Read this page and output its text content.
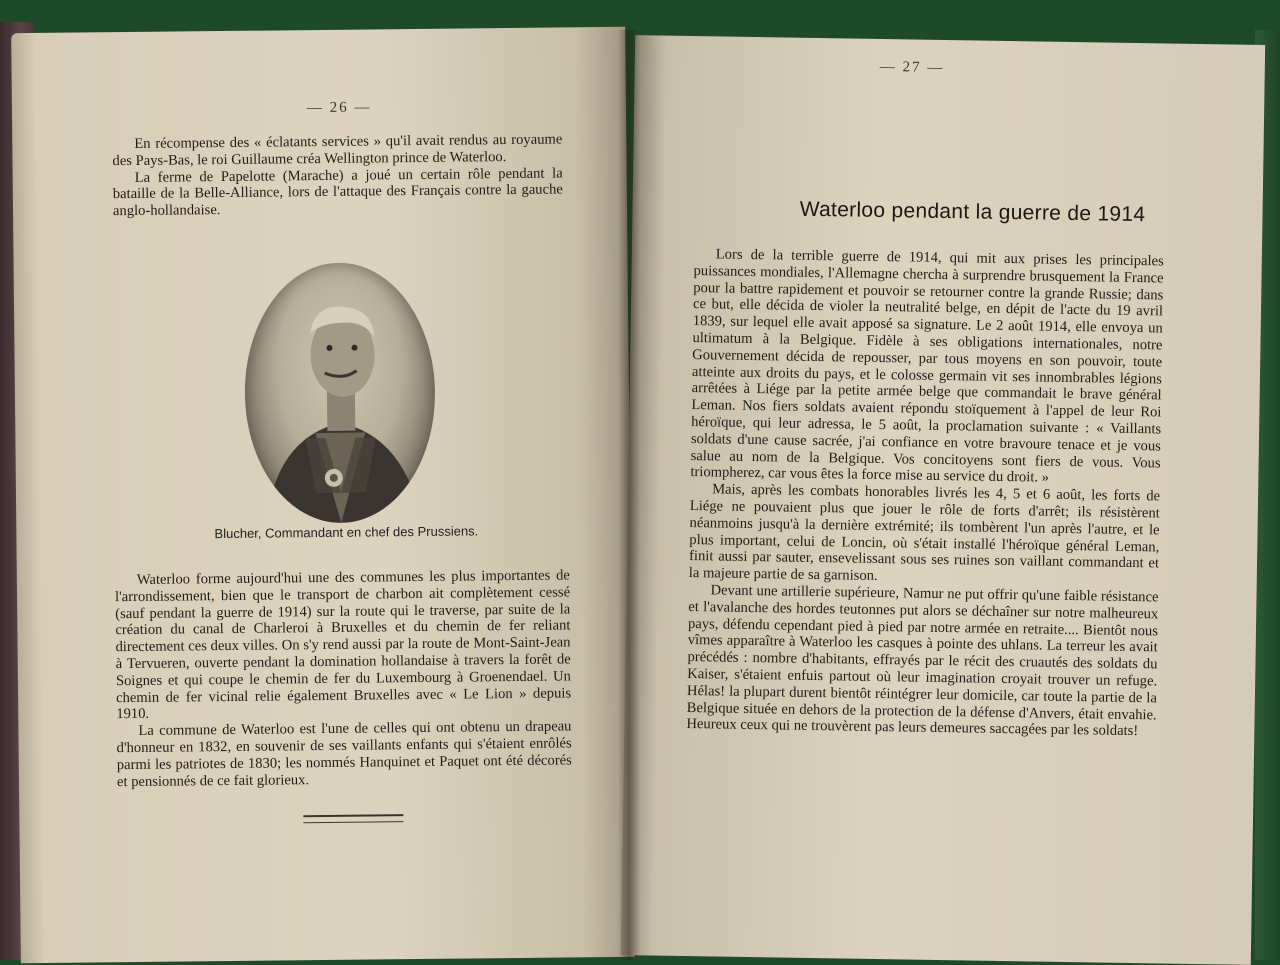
— 26 —

En récompense des « éclatants services » qu'il avait rendus au royaume des Pays-Bas, le roi Guillaume créa Wellington prince de Waterloo.

La ferme de Papelotte (Marache) a joué un certain rôle pendant la bataille de la Belle-Alliance, lors de l'attaque des Français contre la gauche anglo-hollandaise.

Blucher, Commandant en chef des Prussiens.

Waterloo forme aujourd'hui une des communes les plus importantes de l'arrondissement, bien que le transport de charbon ait complètement cessé (sauf pendant la guerre de 1914) sur la route qui le traverse, par suite de la création du canal de Charleroi à Bruxelles et du chemin de fer reliant directement ces deux villes. On s'y rend aussi par la route de Mont-Saint-Jean à Tervueren, ouverte pendant la domination hollandaise à travers la forêt de Soignes et qui coupe le chemin de fer du Luxembourg à Groenendael. Un chemin de fer vicinal relie également Bruxelles avec « Le Lion » depuis 1910.

La commune de Waterloo est l'une de celles qui ont obtenu un drapeau d'honneur en 1832, en souvenir de ses vaillants enfants qui s'étaient enrôlés parmi les patriotes de 1830; les nommés Hanquinet et Paquet ont été décorés et pensionnés de ce fait glorieux.

— 27 —
Waterloo pendant la guerre de 1914

Lors de la terrible guerre de 1914, qui mit aux prises les principales puissances mondiales, l'Allemagne chercha à surprendre brusquement la France pour la battre rapidement et pouvoir se retourner contre la grande Russie; dans ce but, elle décida de violer la neutralité belge, en dépit de l'acte du 19 avril 1839, sur lequel elle avait apposé sa signature. Le 2 août 1914, elle envoya un ultimatum à la Belgique. Fidèle à ses obligations internationales, notre Gouvernement décida de repousser, par tous moyens en son pouvoir, toute atteinte aux droits du pays, et le colosse germain vit ses innombrables légions arrêtées à Liége par la petite armée belge que commandait le brave général Leman. Nos fiers soldats avaient répondu stoïquement à l'appel de leur Roi héroïque, qui leur adressa, le 5 août, la proclamation suivante : « Vaillants soldats d'une cause sacrée, j'ai confiance en votre bravoure tenace et je vous salue au nom de la Belgique. Vos concitoyens sont fiers de vous. Vous triompherez, car vous êtes la force mise au service du droit. »

Mais, après les combats honorables livrés les 4, 5 et 6 août, les forts de Liége ne pouvaient plus que jouer le rôle de forts d'arrêt; ils résistèrent néanmoins jusqu'à la dernière extrémité; ils tombèrent l'un après l'autre, et le plus important, celui de Loncin, où s'était installé l'héroïque général Leman, finit aussi par sauter, ensevelissant sous ses ruines son vaillant commandant et la majeure partie de sa garnison.

Devant une artillerie supérieure, Namur ne put offrir qu'une faible résistance et l'avalanche des hordes teutonnes put alors se déchaîner sur notre malheureux pays, défendu cependant pied à pied par notre armée en retraite.... Bientôt nous vîmes apparaître à Waterloo les casques à pointe des uhlans. La terreur les avait précédés : nombre d'habitants, effrayés par le récit des cruautés des soldats du Kaiser, s'étaient enfuis partout où leur imagination croyait trouver un refuge. Hélas! la plupart durent bientôt réintégrer leur domicile, car toute la partie de la Belgique située en dehors de la protection de la défense d'Anvers, était envahie. Heureux ceux qui ne trouvèrent pas leurs demeures saccagées par les soldats!
